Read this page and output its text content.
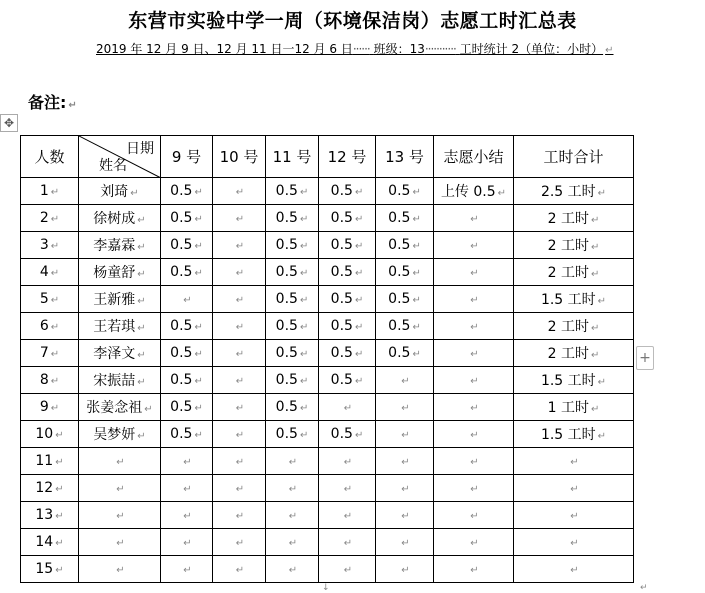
东营市实验中学一周（环境保洁岗）志愿工时汇总表
2019 年 12 月 9 日、12 月 11 日一12 月 6 日······ 班级：13··········· 工时统计 2（单位：小时） ↵
备注: ↵
✥
+
人数	日期
姓名	9 号	10 号	11 号	12 号	13 号	志愿小结	工时合计
1 ↵	刘琦 ↵	0.5 ↵	↵	0.5 ↵	0.5 ↵	0.5 ↵	上传 0.5 ↵	2.5 工时 ↵
2 ↵	徐树成 ↵	0.5 ↵	↵	0.5 ↵	0.5 ↵	0.5 ↵	↵	2 工时 ↵
3 ↵	李嘉霖 ↵	0.5 ↵	↵	0.5 ↵	0.5 ↵	0.5 ↵	↵	2 工时 ↵
4 ↵	杨童舒 ↵	0.5 ↵	↵	0.5 ↵	0.5 ↵	0.5 ↵	↵	2 工时 ↵
5 ↵	王新雅 ↵	↵	↵	0.5 ↵	0.5 ↵	0.5 ↵	↵	1.5 工时 ↵
6 ↵	王若琪 ↵	0.5 ↵	↵	0.5 ↵	0.5 ↵	0.5 ↵	↵	2 工时 ↵
7 ↵	李泽文 ↵	0.5 ↵	↵	0.5 ↵	0.5 ↵	0.5 ↵	↵	2 工时 ↵
8 ↵	宋振喆 ↵	0.5 ↵	↵	0.5 ↵	0.5 ↵	↵	↵	1.5 工时 ↵
9 ↵	张姜念祖 ↵	0.5 ↵	↵	0.5 ↵	↵	↵	↵	1 工时 ↵
10 ↵	吴梦妍 ↵	0.5 ↵	↵	0.5 ↵	0.5 ↵	↵	↵	1.5 工时 ↵
11 ↵	↵	↵	↵	↵	↵	↵	↵	↵
12 ↵	↵	↵	↵	↵	↵	↵	↵	↵
13 ↵	↵	↵	↵	↵	↵	↵	↵	↵
14 ↵	↵	↵	↵	↵	↵	↵	↵	↵
15 ↵	↵	↵	↵	↵	↵	↵	↵	↵
↓	↵
